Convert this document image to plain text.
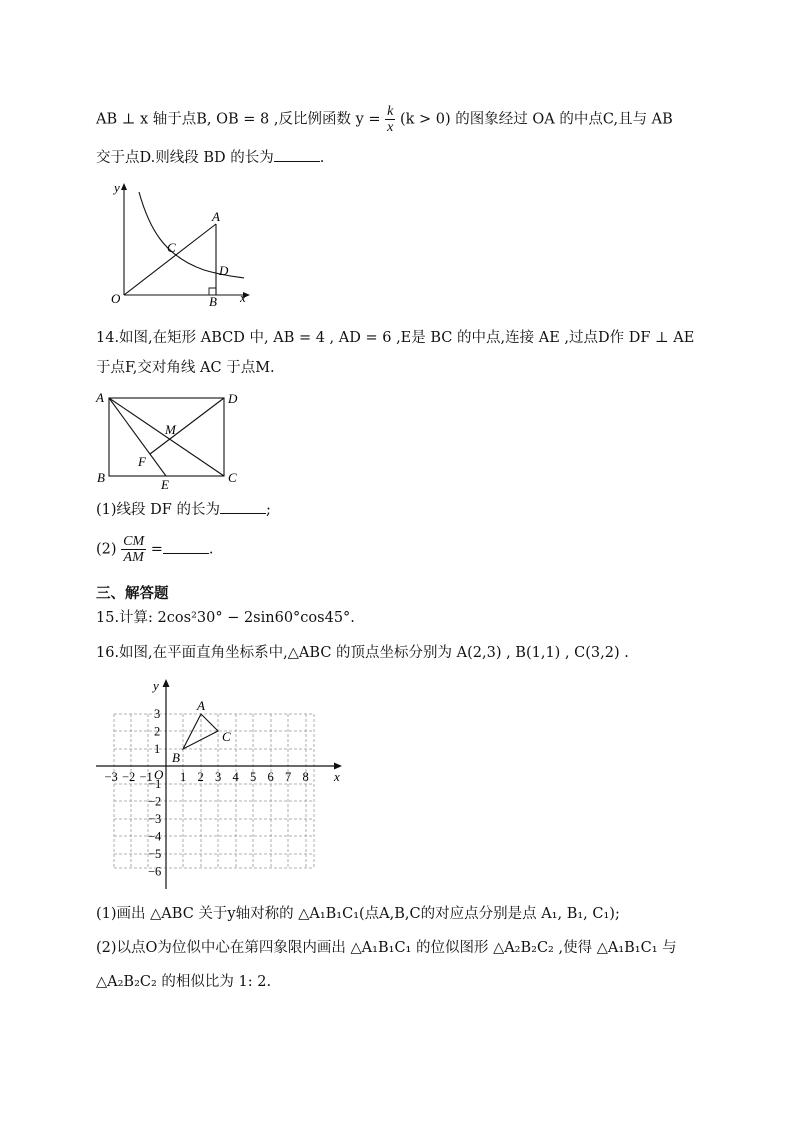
AB ⊥ x 轴于点B, OB = 8 ,反比例函数 $y = \frac{k}{x} (k > 0)$ 的图象经过 OA 的中点C,且与 AB
交于点D.则线段 BD 的长为	.
y
x
O
A
B
C
D
14.如图,在矩形 ABCD 中, AB = 4 , AD = 6 ,E是 BC 的中点,连接 AE ,过点D作 DF ⊥ AE
于点F,交对角线 AC 于点M.
A	D
B	C
E
F
M
(1)线段 DF 的长为	;
$(2) \frac{CM}{AM}$ =	.
三、解答题
15.计算: 2cos²30° − 2sin60°cos45°.
16.如图,在平面直角坐标系中,△ABC 的顶点坐标分别为 A(2,3) , B(1,1) , C(3,2) .
y
x
O
A
B
C
−3 −2 −1 1 2 3 4 5 6 7 8
3
2
1
−1
−2
−3
−4
−5
−6
(1)画出 △ABC 关于y轴对称的 △A₁B₁C₁(点A,B,C的对应点分别是点 A₁, B₁, C₁);
(2)以点O为位似中心在第四象限内画出 △A₁B₁C₁ 的位似图形 △A₂B₂C₂ ,使得 △A₁B₁C₁ 与
△A₂B₂C₂ 的相似比为 1: 2.
